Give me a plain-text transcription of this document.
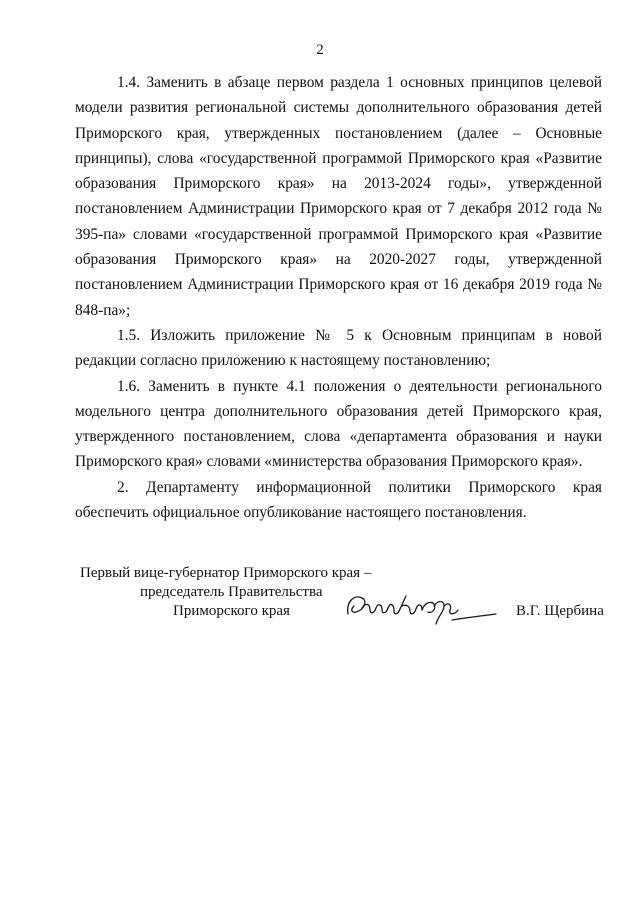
2

1.4. Заменить в абзаце первом раздела 1 основных принципов целевой модели развития региональной системы дополнительного образования детей Приморского края, утвержденных постановлением (далее – Основные принципы), слова «государственной программой Приморского края «Развитие образования Приморского края» на 2013-2024 годы», утвержденной постановлением Администрации Приморского края от 7 декабря 2012 года № 395-па» словами «государственной программой Приморского края «Развитие образования Приморского края» на 2020-2027 годы, утвержденной постановлением Администрации Приморского края от 16 декабря 2019 года № 848-па»;

1.5. Изложить приложение № 5 к Основным принципам в новой редакции согласно приложению к настоящему постановлению;

1.6. Заменить в пункте 4.1 положения о деятельности регионального модельного центра дополнительного образования детей Приморского края, утвержденного постановлением, слова «департамента образования и науки Приморского края» словами «министерства образования Приморского края».

2. Департаменту информационной политики Приморского края обеспечить официальное опубликование настоящего постановления.

Первый вице-губернатор Приморского края –
председатель Правительства
Приморского края	В.Г. Щербина
